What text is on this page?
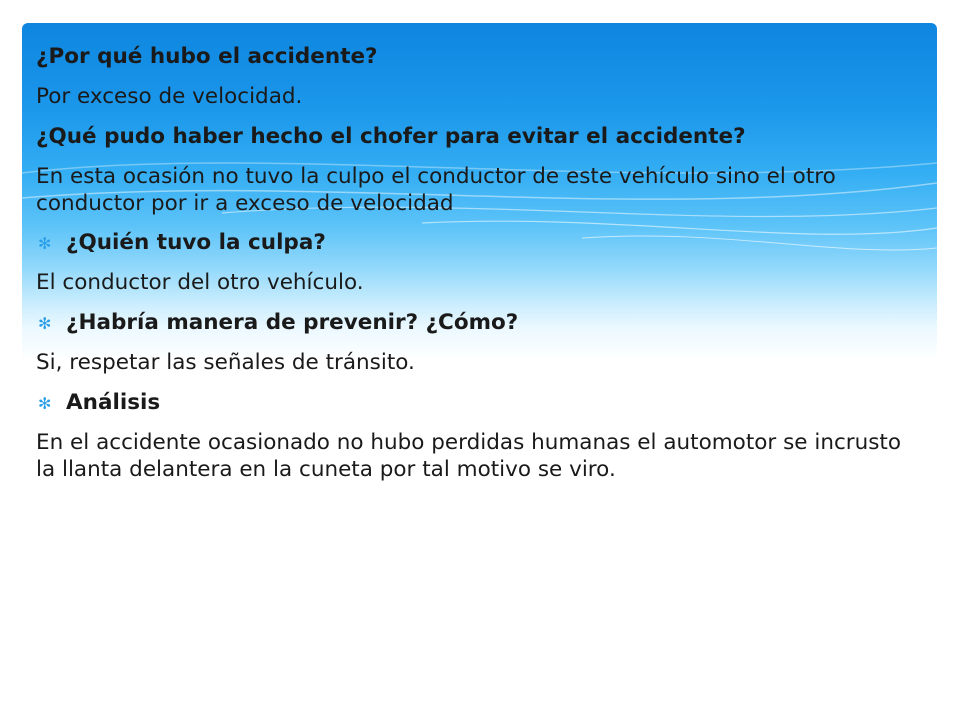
¿Por qué hubo el accidente?
Por exceso de velocidad.
¿Qué pudo haber hecho el chofer para evitar el accidente?
En esta ocasión no tuvo la culpo el conductor de este vehículo sino el otro conductor por ir a exceso de velocidad
✻ ¿Quién tuvo la culpa?
El conductor del otro vehículo.
✻ ¿Habría manera de prevenir? ¿Cómo?
Si, respetar las señales de tránsito.
✻ Análisis
En el accidente ocasionado no hubo perdidas humanas el automotor se incrusto la llanta delantera en la cuneta por tal motivo se viro.
